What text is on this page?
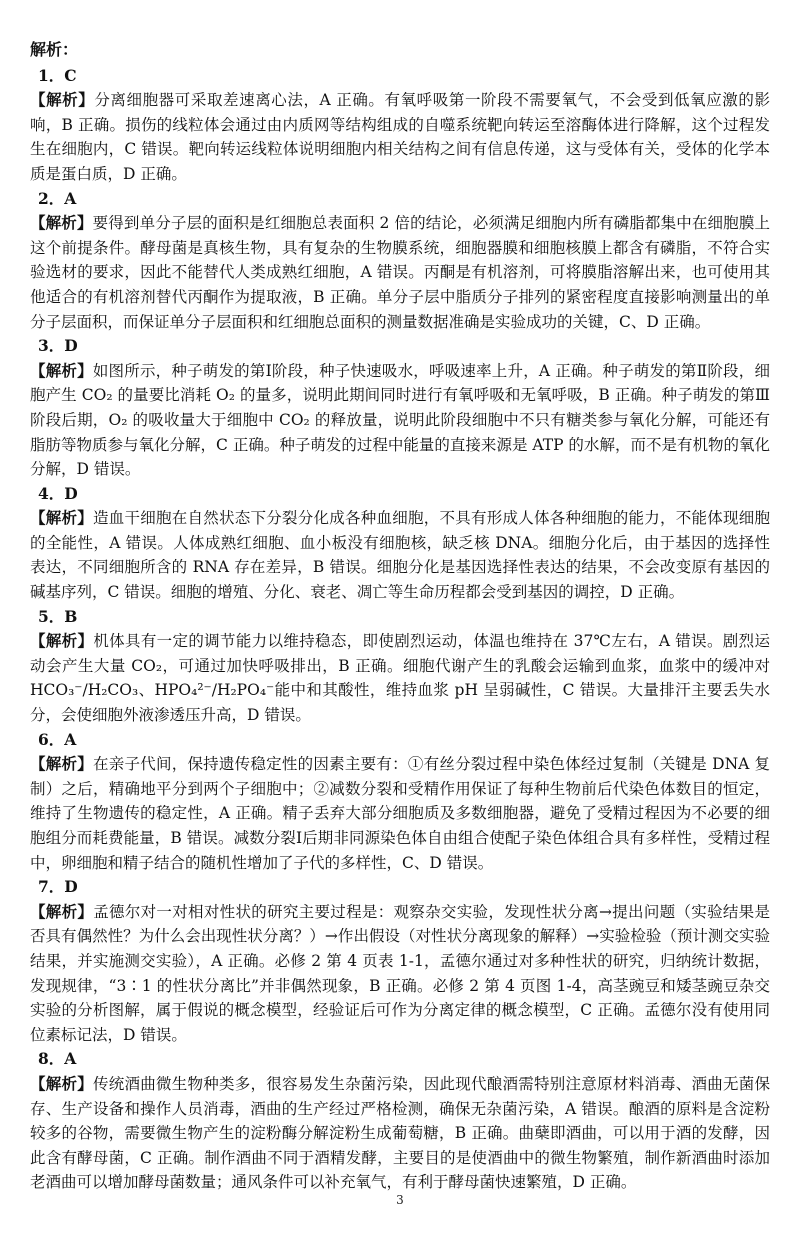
解析：
1．C

【解析】分离细胞器可采取差速离心法，A 正确。有氧呼吸第一阶段不需要氧气，不会受到低氧应激的影响，B 正确。损伤的线粒体会通过由内质网等结构组成的自噬系统靶向转运至溶酶体进行降解，这个过程发生在细胞内，C 错误。靶向转运线粒体说明细胞内相关结构之间有信息传递，这与受体有关，受体的化学本质是蛋白质，D 正确。

2．A

【解析】要得到单分子层的面积是红细胞总表面积 2 倍的结论，必须满足细胞内所有磷脂都集中在细胞膜上这个前提条件。酵母菌是真核生物，具有复杂的生物膜系统，细胞器膜和细胞核膜上都含有磷脂，不符合实验选材的要求，因此不能替代人类成熟红细胞，A 错误。丙酮是有机溶剂，可将膜脂溶解出来，也可使用其他适合的有机溶剂替代丙酮作为提取液，B 正确。单分子层中脂质分子排列的紧密程度直接影响测量出的单分子层面积，而保证单分子层面积和红细胞总面积的测量数据准确是实验成功的关键，C、D 正确。

3．D

【解析】如图所示，种子萌发的第Ⅰ阶段，种子快速吸水，呼吸速率上升，A 正确。种子萌发的第Ⅱ阶段，细胞产生 CO₂ 的量要比消耗 O₂ 的量多，说明此期间同时进行有氧呼吸和无氧呼吸，B 正确。种子萌发的第Ⅲ阶段后期，O₂ 的吸收量大于细胞中 CO₂ 的释放量，说明此阶段细胞中不只有糖类参与氧化分解，可能还有脂肪等物质参与氧化分解，C 正确。种子萌发的过程中能量的直接来源是 ATP 的水解，而不是有机物的氧化分解，D 错误。

4．D

【解析】造血干细胞在自然状态下分裂分化成各种血细胞，不具有形成人体各种细胞的能力，不能体现细胞的全能性，A 错误。人体成熟红细胞、血小板没有细胞核，缺乏核 DNA。细胞分化后，由于基因的选择性表达，不同细胞所含的 RNA 存在差异，B 错误。细胞分化是基因选择性表达的结果，不会改变原有基因的碱基序列，C 错误。细胞的增殖、分化、衰老、凋亡等生命历程都会受到基因的调控，D 正确。

5．B

【解析】机体具有一定的调节能力以维持稳态，即使剧烈运动，体温也维持在 37℃左右，A 错误。剧烈运动会产生大量 CO₂，可通过加快呼吸排出，B 正确。细胞代谢产生的乳酸会运输到血浆，血浆中的缓冲对 HCO₃⁻/H₂CO₃、HPO₄²⁻/H₂PO₄⁻能中和其酸性，维持血浆 pH 呈弱碱性，C 错误。大量排汗主要丢失水分，会使细胞外液渗透压升高，D 错误。

6．A

【解析】在亲子代间，保持遗传稳定性的因素主要有：①有丝分裂过程中染色体经过复制（关键是 DNA 复制）之后，精确地平分到两个子细胞中；②减数分裂和受精作用保证了每种生物前后代染色体数目的恒定，维持了生物遗传的稳定性，A 正确。精子丢弃大部分细胞质及多数细胞器，避免了受精过程因为不必要的细胞组分而耗费能量，B 错误。减数分裂Ⅰ后期非同源染色体自由组合使配子染色体组合具有多样性，受精过程中，卵细胞和精子结合的随机性增加了子代的多样性，C、D 错误。

7．D

【解析】孟德尔对一对相对性状的研究主要过程是：观察杂交实验，发现性状分离→提出问题（实验结果是否具有偶然性？为什么会出现性状分离？）→作出假设（对性状分离现象的解释）→实验检验（预计测交实验结果，并实施测交实验），A 正确。必修 2 第 4 页表 1-1，孟德尔通过对多种性状的研究，归纳统计数据，发现规律，“3∶1 的性状分离比”并非偶然现象，B 正确。必修 2 第 4 页图 1-4，高茎豌豆和矮茎豌豆杂交实验的分析图解，属于假说的概念模型，经验证后可作为分离定律的概念模型，C 正确。孟德尔没有使用同位素标记法，D 错误。

8．A

【解析】传统酒曲微生物种类多，很容易发生杂菌污染，因此现代酿酒需特别注意原材料消毒、酒曲无菌保存、生产设备和操作人员消毒，酒曲的生产经过严格检测，确保无杂菌污染，A 错误。酿酒的原料是含淀粉较多的谷物，需要微生物产生的淀粉酶分解淀粉生成葡萄糖，B 正确。曲蘖即酒曲，可以用于酒的发酵，因此含有酵母菌，C 正确。制作酒曲不同于酒精发酵，主要目的是使酒曲中的微生物繁殖，制作新酒曲时添加老酒曲可以增加酵母菌数量；通风条件可以补充氧气，有利于酵母菌快速繁殖，D 正确。

3
